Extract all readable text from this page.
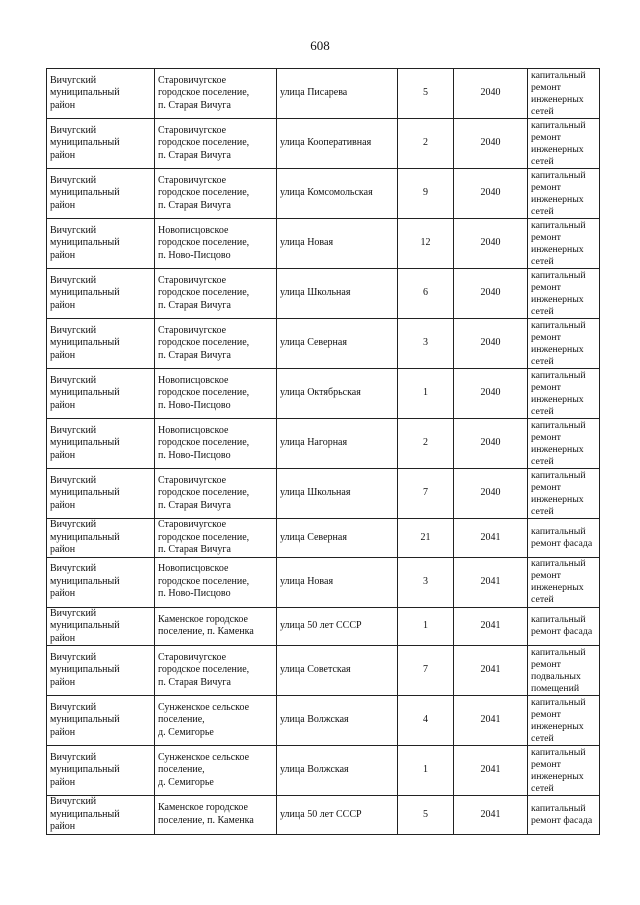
608
Вичугский
муниципальный
район	Старовичугское
городское поселение,
п. Старая Вичуга	улица Писарева	5	2040	капитальный
ремонт
инженерных
сетей
Вичугский
муниципальный
район	Старовичугское
городское поселение,
п. Старая Вичуга	улица Кооперативная	2	2040	капитальный
ремонт
инженерных
сетей
Вичугский
муниципальный
район	Старовичугское
городское поселение,
п. Старая Вичуга	улица Комсомольская	9	2040	капитальный
ремонт
инженерных
сетей
Вичугский
муниципальный
район	Новописцовское
городское поселение,
п. Ново-Писцово	улица Новая	12	2040	капитальный
ремонт
инженерных
сетей
Вичугский
муниципальный
район	Старовичугское
городское поселение,
п. Старая Вичуга	улица Школьная	6	2040	капитальный
ремонт
инженерных
сетей
Вичугский
муниципальный
район	Старовичугское
городское поселение,
п. Старая Вичуга	улица Северная	3	2040	капитальный
ремонт
инженерных
сетей
Вичугский
муниципальный
район	Новописцовское
городское поселение,
п. Ново-Писцово	улица Октябрьская	1	2040	капитальный
ремонт
инженерных
сетей
Вичугский
муниципальный
район	Новописцовское
городское поселение,
п. Ново-Писцово	улица Нагорная	2	2040	капитальный
ремонт
инженерных
сетей
Вичугский
муниципальный
район	Старовичугское
городское поселение,
п. Старая Вичуга	улица Школьная	7	2040	капитальный
ремонт
инженерных
сетей
Вичугский
муниципальный
район	Старовичугское
городское поселение,
п. Старая Вичуга	улица Северная	21	2041	капитальный
ремонт фасада
Вичугский
муниципальный
район	Новописцовское
городское поселение,
п. Ново-Писцово	улица Новая	3	2041	капитальный
ремонт
инженерных
сетей
Вичугский
муниципальный
район	Каменское городское
поселение, п. Каменка	улица 50 лет СССР	1	2041	капитальный
ремонт фасада
Вичугский
муниципальный
район	Старовичугское
городское поселение,
п. Старая Вичуга	улица Советская	7	2041	капитальный
ремонт
подвальных
помещений
Вичугский
муниципальный
район	Сунженское сельское
поселение,
д. Семигорье	улица Волжская	4	2041	капитальный
ремонт
инженерных
сетей
Вичугский
муниципальный
район	Сунженское сельское
поселение,
д. Семигорье	улица Волжская	1	2041	капитальный
ремонт
инженерных
сетей
Вичугский
муниципальный
район	Каменское городское
поселение, п. Каменка	улица 50 лет СССР	5	2041	капитальный
ремонт фасада
